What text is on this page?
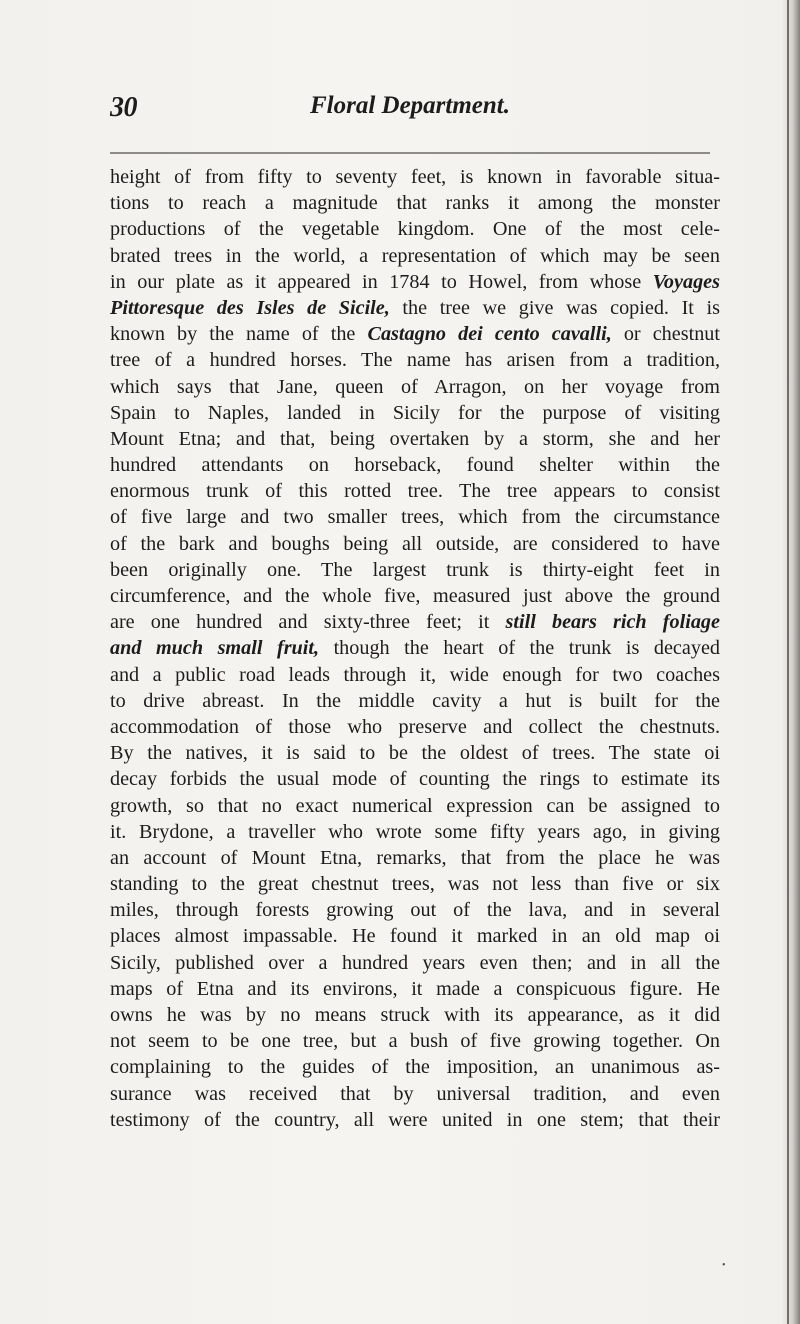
30	Floral Department.
height of from fifty to seventy feet, is known in favorable situa-
tions to reach a magnitude that ranks it among the monster
productions of the vegetable kingdom. One of the most cele-
brated trees in the world, a representation of which may be seen
in our plate as it appeared in 1784 to Howel, from whose Voyages
Pittoresque des Isles de Sicile, the tree we give was copied. It is
known by the name of the Castagno dei cento cavalli, or chestnut
tree of a hundred horses. The name has arisen from a tradition,
which says that Jane, queen of Arragon, on her voyage from
Spain to Naples, landed in Sicily for the purpose of visiting
Mount Etna; and that, being overtaken by a storm, she and her
hundred attendants on horseback, found shelter within the
enormous trunk of this rotted tree. The tree appears to consist
of five large and two smaller trees, which from the circumstance
of the bark and boughs being all outside, are considered to have
been originally one. The largest trunk is thirty-eight feet in
circumference, and the whole five, measured just above the ground
are one hundred and sixty-three feet; it still bears rich foliage
and much small fruit, though the heart of the trunk is decayed
and a public road leads through it, wide enough for two coaches
to drive abreast. In the middle cavity a hut is built for the
accommodation of those who preserve and collect the chestnuts.
By the natives, it is said to be the oldest of trees. The state oi
decay forbids the usual mode of counting the rings to estimate its
growth, so that no exact numerical expression can be assigned to
it. Brydone, a traveller who wrote some fifty years ago, in giving
an account of Mount Etna, remarks, that from the place he was
standing to the great chestnut trees, was not less than five or six
miles, through forests growing out of the lava, and in several
places almost impassable. He found it marked in an old map oi
Sicily, published over a hundred years even then; and in all the
maps of Etna and its environs, it made a conspicuous figure. He
owns he was by no means struck with its appearance, as it did
not seem to be one tree, but a bush of five growing together. On
complaining to the guides of the imposition, an unanimous as-
surance was received that by universal tradition, and even
testimony of the country, all were united in one stem; that their
•
